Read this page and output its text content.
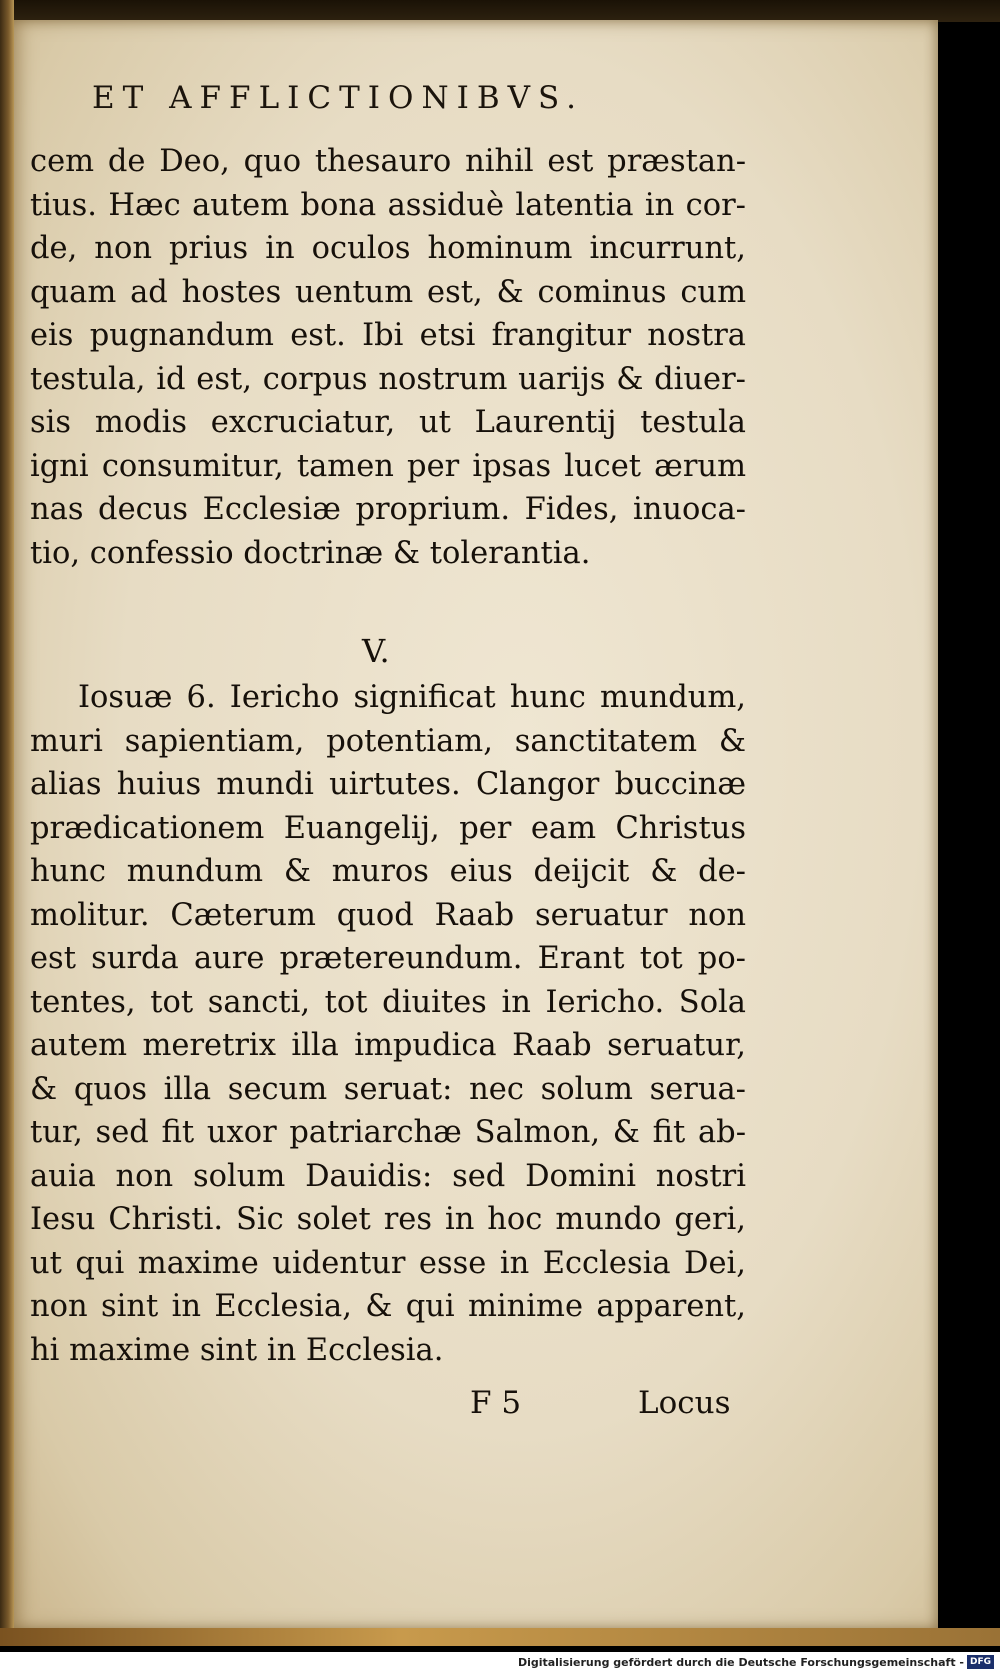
ET AFFLICTIONIBVS.
cem de Deo, quo thesauro nihil est præstan-
tius. Hæc autem bona assiduè latentia in cor-
de, non prius in oculos hominum incurrunt,
quam ad hostes uentum est, & cominus cum
eis pugnandum est. Ibi etsi frangitur nostra
testula, id est, corpus nostrum uarijs & diuer-
sis modis excruciatur, ut Laurentij testula
igni consumitur, tamen per ipsas lucet ærum
nas decus Ecclesiæ proprium. Fides, inuoca-
tio, confessio doctrinæ & tolerantia.
V.
Iosuæ 6. Iericho significat hunc mundum,
muri sapientiam, potentiam, sanctitatem &
alias huius mundi uirtutes. Clangor buccinæ
prædicationem Euangelij, per eam Christus
hunc mundum & muros eius deijcit & de-
molitur. Cæterum quod Raab seruatur non
est surda aure prætereundum. Erant tot po-
tentes, tot sancti, tot diuites in Iericho. Sola
autem meretrix illa impudica Raab seruatur,
& quos illa secum seruat: nec solum serua-
tur, sed fit uxor patriarchæ Salmon, & fit ab-
auia non solum Dauidis: sed Domini nostri
Iesu Christi. Sic solet res in hoc mundo geri,
ut qui maxime uidentur esse in Ecclesia Dei,
non sint in Ecclesia, & qui minime apparent,
hi maxime sint in Ecclesia.
F 5	Locus
Digitalisierung gefördert durch die Deutsche Forschungsgemeinschaft - DFG
